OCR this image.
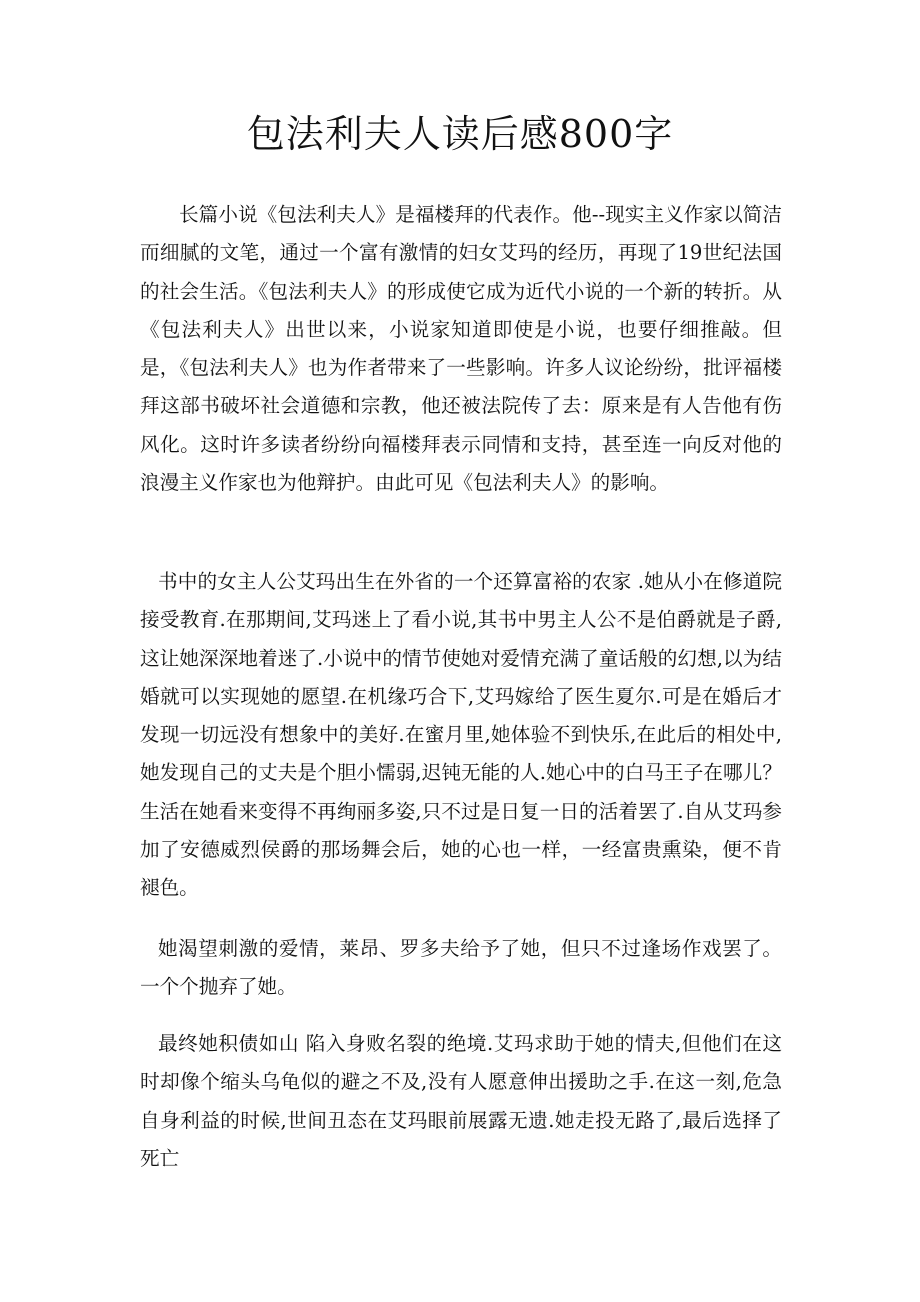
包法利夫人读后感800字

长篇小说《包法利夫人》是福楼拜的代表作。他--现实主义作家以简洁而细腻的文笔，通过一个富有激情的妇女艾玛的经历，再现了19世纪法国的社会生活。《包法利夫人》的形成使它成为近代小说的一个新的转折。从《包法利夫人》出世以来，小说家知道即使是小说，也要仔细推敲。但是，《包法利夫人》也为作者带来了一些影响。许多人议论纷纷，批评福楼拜这部书破坏社会道德和宗教，他还被法院传了去：原来是有人告他有伤风化。这时许多读者纷纷向福楼拜表示同情和支持，甚至连一向反对他的浪漫主义作家也为他辩护。由此可见《包法利夫人》的影响。

书中的女主人公艾玛出生在外省的一个还算富裕的农家 .她从小在修道院接受教育.在那期间,艾玛迷上了看小说,其书中男主人公不是伯爵就是子爵,这让她深深地着迷了.小说中的情节使她对爱情充满了童话般的幻想,以为结婚就可以实现她的愿望.在机缘巧合下,艾玛嫁给了医生夏尔.可是在婚后才发现一切远没有想象中的美好.在蜜月里,她体验不到快乐,在此后的相处中,她发现自己的丈夫是个胆小懦弱,迟钝无能的人.她心中的白马王子在哪儿？生活在她看来变得不再绚丽多姿,只不过是日复一日的活着罢了.自从艾玛参加了安德威烈侯爵的那场舞会后，她的心也一样，一经富贵熏染，便不肯褪色。

她渴望刺激的爱情，莱昂、罗多夫给予了她，但只不过逢场作戏罢了。一个个抛弃了她。

最终她积债如山 陷入身败名裂的绝境.艾玛求助于她的情夫,但他们在这时却像个缩头乌龟似的避之不及,没有人愿意伸出援助之手.在这一刻,危急自身利益的时候,世间丑态在艾玛眼前展露无遗.她走投无路了,最后选择了死亡
